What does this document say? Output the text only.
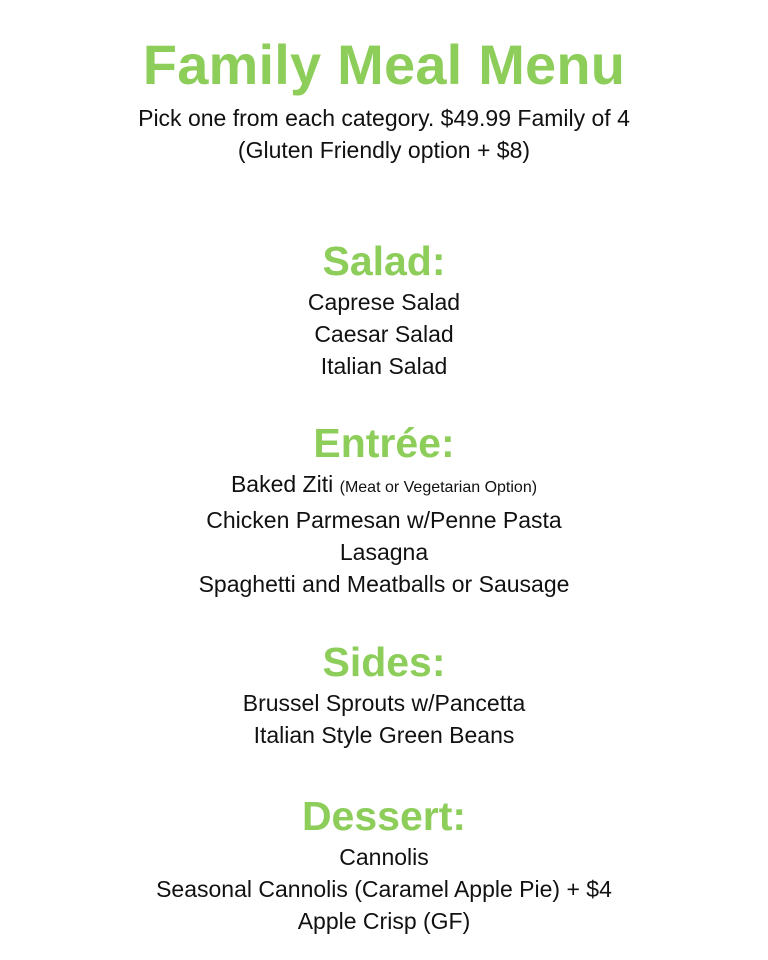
Family Meal Menu
Pick one from each category. $49.99 Family of 4
(Gluten Friendly option + $8)
Salad:
Caprese Salad
Caesar Salad
Italian Salad
Entrée:
Baked Ziti (Meat or Vegetarian Option)
Chicken Parmesan w/Penne Pasta
Lasagna
Spaghetti and Meatballs or Sausage
Sides:
Brussel Sprouts w/Pancetta
Italian Style Green Beans
Dessert:
Cannolis
Seasonal Cannolis (Caramel Apple Pie) + $4
Apple Crisp (GF)
